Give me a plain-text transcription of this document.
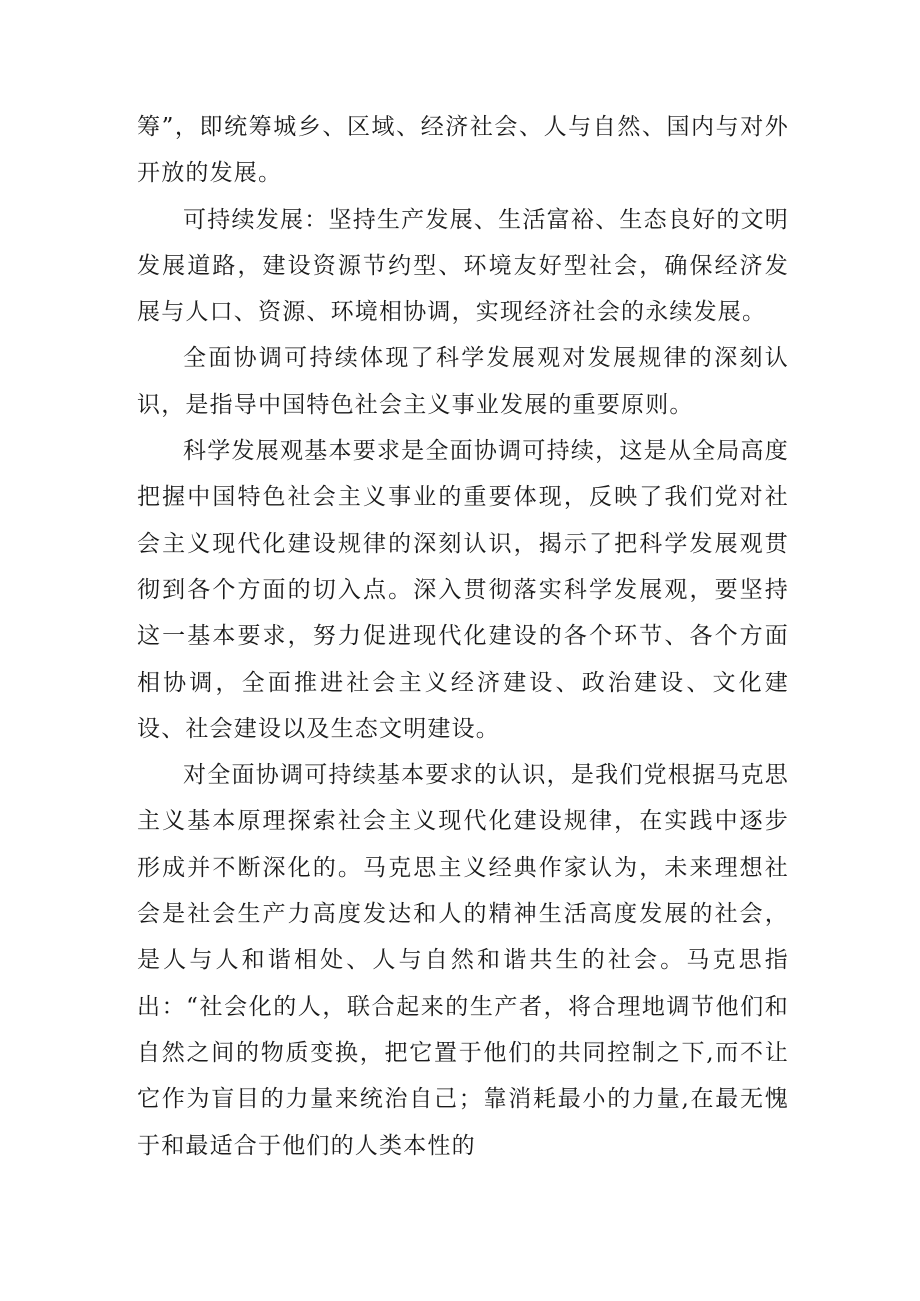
筹”，即统筹城乡、区域、经济社会、人与自然、国内与对外开放的发展。

可持续发展：坚持生产发展、生活富裕、生态良好的文明发展道路，建设资源节约型、环境友好型社会，确保经济发展与人口、资源、环境相协调，实现经济社会的永续发展。

全面协调可持续体现了科学发展观对发展规律的深刻认识，是指导中国特色社会主义事业发展的重要原则。

科学发展观基本要求是全面协调可持续，这是从全局高度把握中国特色社会主义事业的重要体现，反映了我们党对社会主义现代化建设规律的深刻认识，揭示了把科学发展观贯彻到各个方面的切入点。深入贯彻落实科学发展观，要坚持这一基本要求，努力促进现代化建设的各个环节、各个方面相协调，全面推进社会主义经济建设、政治建设、文化建设、社会建设以及生态文明建设。

对全面协调可持续基本要求的认识，是我们党根据马克思主义基本原理探索社会主义现代化建设规律，在实践中逐步形成并不断深化的。马克思主义经典作家认为，未来理想社会是社会生产力高度发达和人的精神生活高度发展的社会，是人与人和谐相处、人与自然和谐共生的社会。马克思指出：“社会化的人，联合起来的生产者，将合理地调节他们和自然之间的物质变换，把它置于他们的共同控制之下,而不让它作为盲目的力量来统治自己；靠消耗最小的力量,在最无愧于和最适合于他们的人类本性的
